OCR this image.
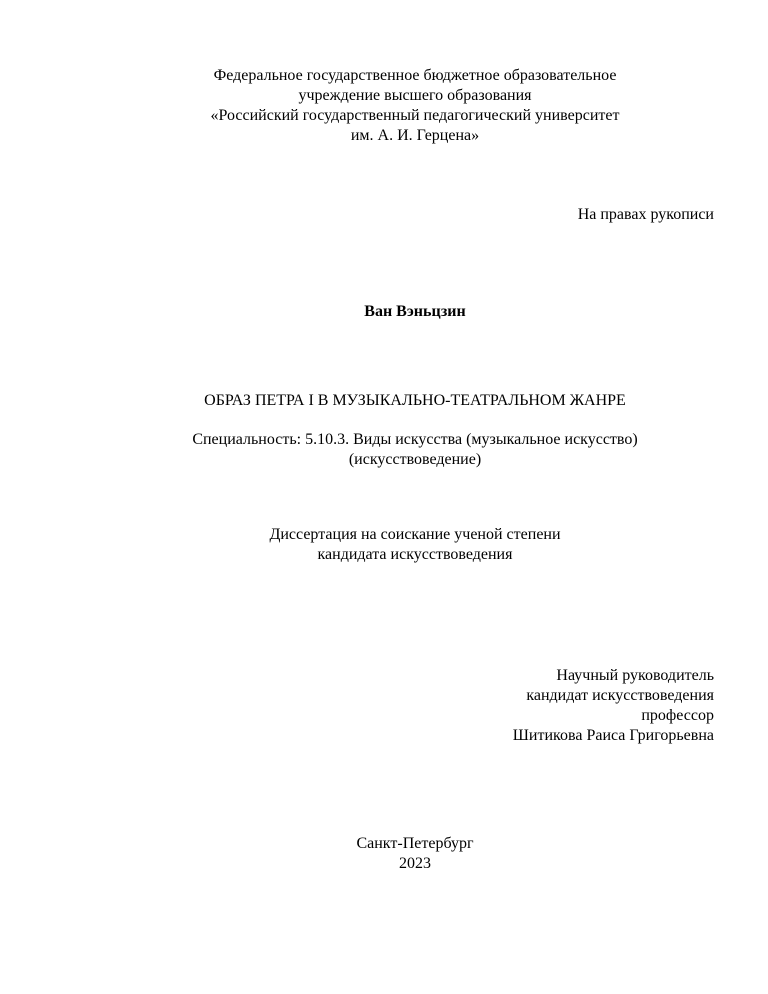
Федеральное государственное бюджетное образовательное
учреждение высшего образования
«Российский государственный педагогический университет
им. А. И. Герцена»
На правах рукописи
Ван Вэньцзин
ОБРАЗ ПЕТРА I В МУЗЫКАЛЬНО-ТЕАТРАЛЬНОМ ЖАНРЕ
Специальность: 5.10.3. Виды искусства (музыкальное искусство)
(искусствоведение)
Диссертация на соискание ученой степени
кандидата искусствоведения
Научный руководитель
кандидат искусствоведения
профессор
Шитикова Раиса Григорьевна
Санкт-Петербург
2023
